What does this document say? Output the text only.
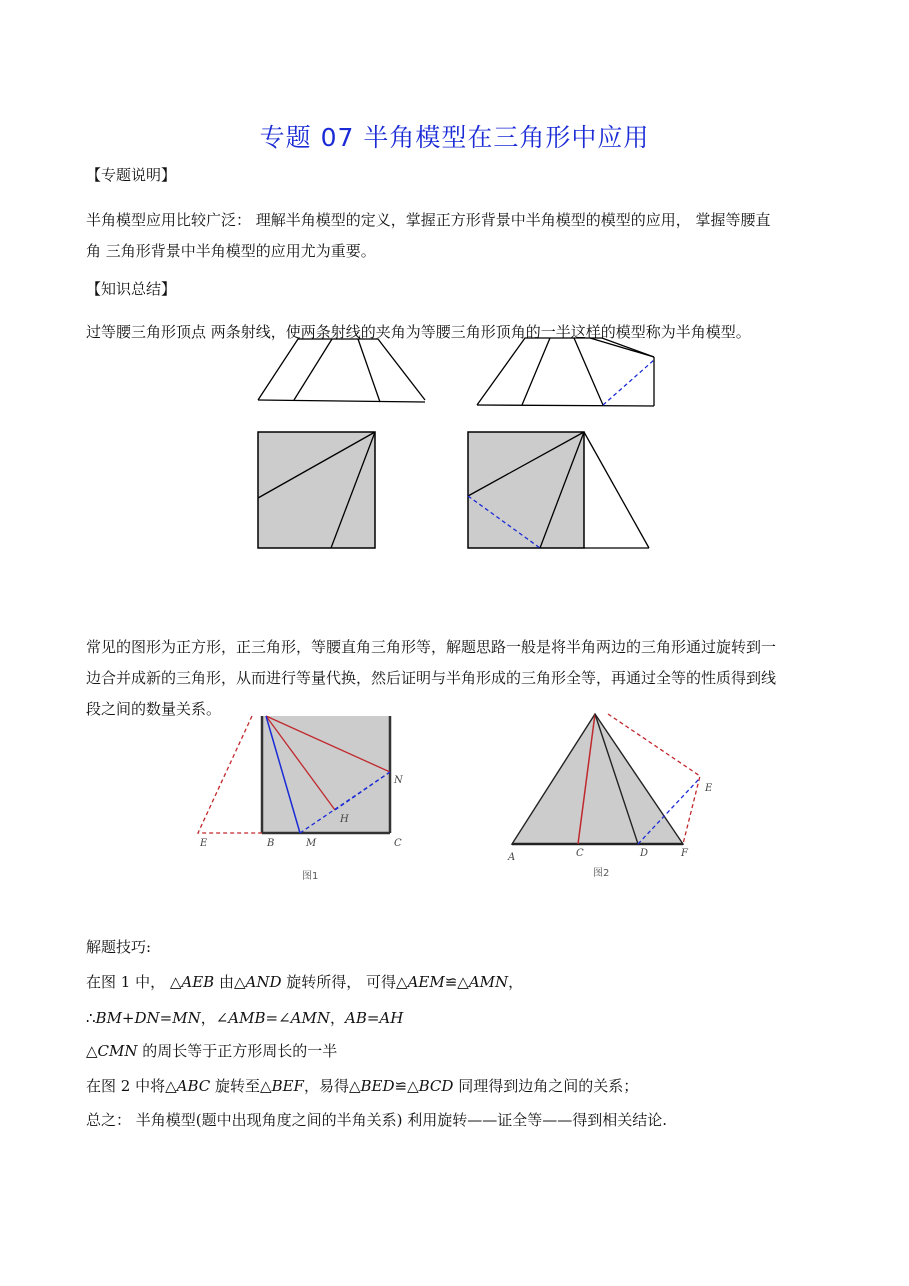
专题 07 半角模型在三角形中应用
【专题说明】
半角模型应用比较广泛： 理解半角模型的定义，掌握正方形背景中半角模型的模型的应用， 掌握等腰直
角 三角形背景中半角模型的应用尤为重要。
【知识总结】
过等腰三角形顶点 两条射线，使两条射线的夹角为等腰三角形顶角的一半这样的模型称为半角模型。
常见的图形为正方形，正三角形，等腰直角三角形等，解题思路一般是将半角两边的三角形通过旋转到一
边合并成新的三角形，从而进行等量代换，然后证明与半角形成的三角形全等，再通过全等的性质得到线
段之间的数量关系。
E	B	M	C
N
H
图1
A	C	D	F
E
图2
解题技巧:
在图 1 中， △AEB 由△AND 旋转所得， 可得△AEM≌△AMN，
∴BM+DN=MN，∠AMB=∠AMN，AB=AH
△CMN 的周长等于正方形周长的一半
在图 2 中将△ABC 旋转至△BEF，易得△BED≌△BCD 同理得到边角之间的关系；
总之： 半角模型(题中出现角度之间的半角关系) 利用旋转——证全等——得到相关结论.
